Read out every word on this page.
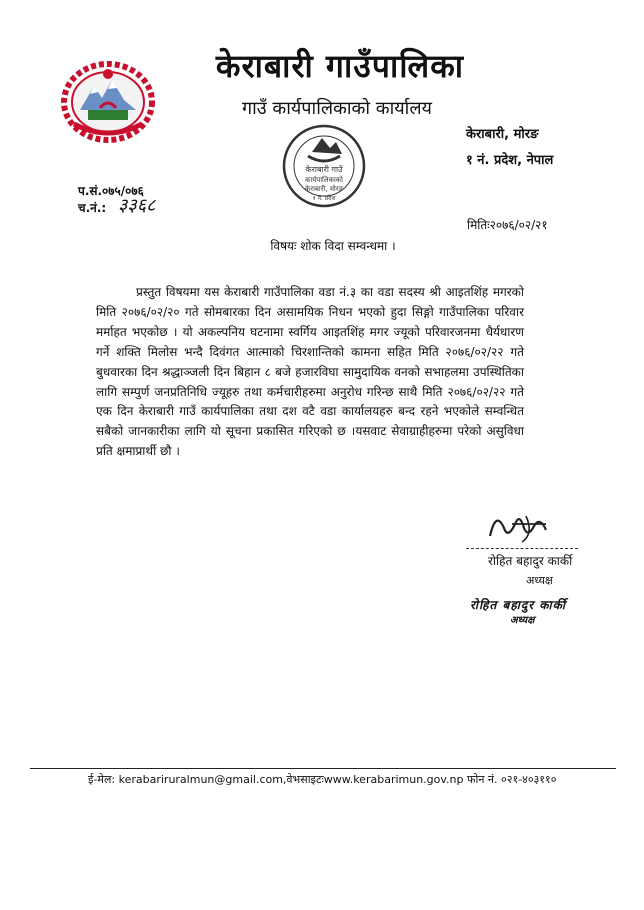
केराबारी गाउँपालिका
गाउँ कार्यपालिकाको कार्यालय
केराबारी गाउँ
कार्यपालिकाको
केराबारी, मोरङ
१ नं. प्रदेश
केराबारी, मोरङ
१ नं. प्रदेश, नेपाल
प.सं.०७५/०७६
च.नं.: ३३६८
मितिः२०७६/०२/२१
विषयः शोक विदा सम्वन्धमा ।
प्रस्तुत विषयमा यस केराबारी गाउँपालिका वडा नं.३ का वडा सदस्य श्री आइतशिंह मगरको मिति २०७६/०२/२० गते सोमबारका दिन असामयिक निधन भएको हुदा सिङ्गो गाउँपालिका परिवार मर्माहत भएकोछ । यो अकल्पनिय घटनामा स्वर्गिय आइतशिंह मगर ज्यूको परिवारजनमा धैर्यधारण गर्ने शक्ति मिलोस भन्दै दिवंगत आत्माको चिरशान्तिको कामना सहित मिति २०७६/०२/२२ गते बुधवारका दिन श्रद्धाञ्जली दिन बिहान ८ बजे हजारविघा सामुदायिक वनको सभाहलमा उपस्थितिका लागि सम्पुर्ण जनप्रतिनिधि ज्यूहरु तथा कर्मचारीहरुमा अनुरोध गरिन्छ साथै मिति २०७६/०२/२२ गते एक दिन केराबारी गाउँ कार्यपालिका तथा दश वटै वडा कार्यालयहरु बन्द रहने भएकोले सम्वन्धित सबैको जानकारीका लागि यो सूचना प्रकासित गरिएको छ ।यसवाट सेवाग्राहीहरुमा परेको असुविधा प्रति क्षमाप्रार्थी छौ ।
रोहित बहादुर कार्की
अध्यक्ष
रोहित बहादुर कार्की
अध्यक्ष
ई-मेल: kerabariruralmun@gmail.com,वेभसाइटःwww.kerabarimun.gov.np फोन नं. ०२१-४०३११०
